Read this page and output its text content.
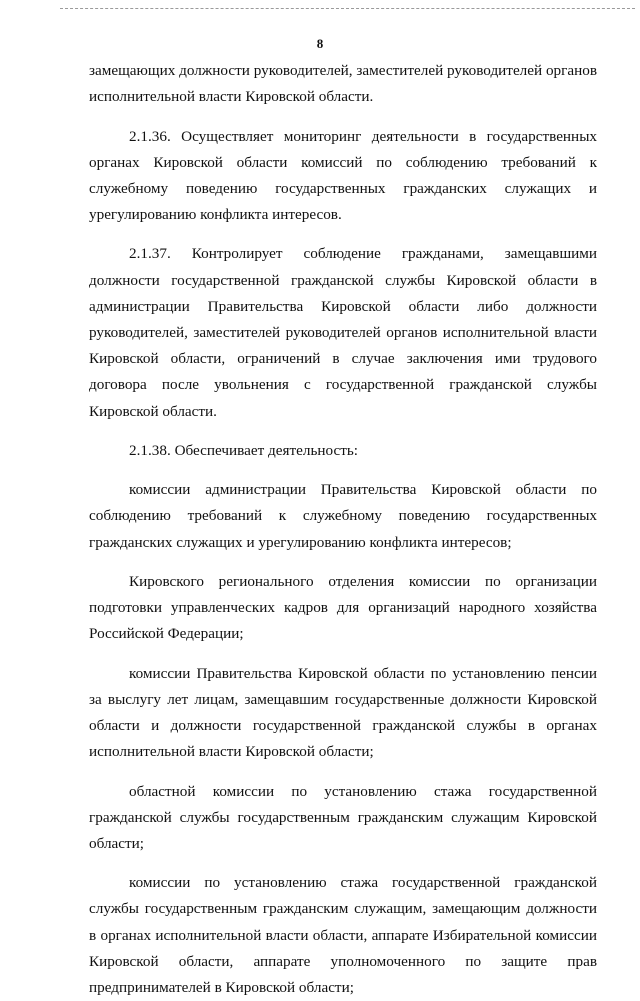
8

замещающих должности руководителей, заместителей руководителей органов исполнительной власти Кировской области.

2.1.36. Осуществляет мониторинг деятельности в государственных органах Кировской области комиссий по соблюдению требований к служебному поведению государственных гражданских служащих и урегулированию конфликта интересов.

2.1.37. Контролирует соблюдение гражданами, замещавшими должности государственной гражданской службы Кировской области в администрации Правительства Кировской области либо должности руководителей, заместителей руководителей органов исполнительной власти Кировской области, ограничений в случае заключения ими трудового договора после увольнения с государственной гражданской службы Кировской области.

2.1.38. Обеспечивает деятельность:

комиссии администрации Правительства Кировской области по соблюдению требований к служебному поведению государственных гражданских служащих и урегулированию конфликта интересов;

Кировского регионального отделения комиссии по организации подготовки управленческих кадров для организаций народного хозяйства Российской Федерации;

комиссии Правительства Кировской области по установлению пенсии за выслугу лет лицам, замещавшим государственные должности Кировской области и должности государственной гражданской службы в органах исполнительной власти Кировской области;

областной комиссии по установлению стажа государственной гражданской службы государственным гражданским служащим Кировской области;

комиссии по установлению стажа государственной гражданской службы государственным гражданским служащим, замещающим должности в органах исполнительной власти области, аппарате Избирательной комиссии Кировской области, аппарате уполномоченного по защите прав предпринимателей в Кировской области;
